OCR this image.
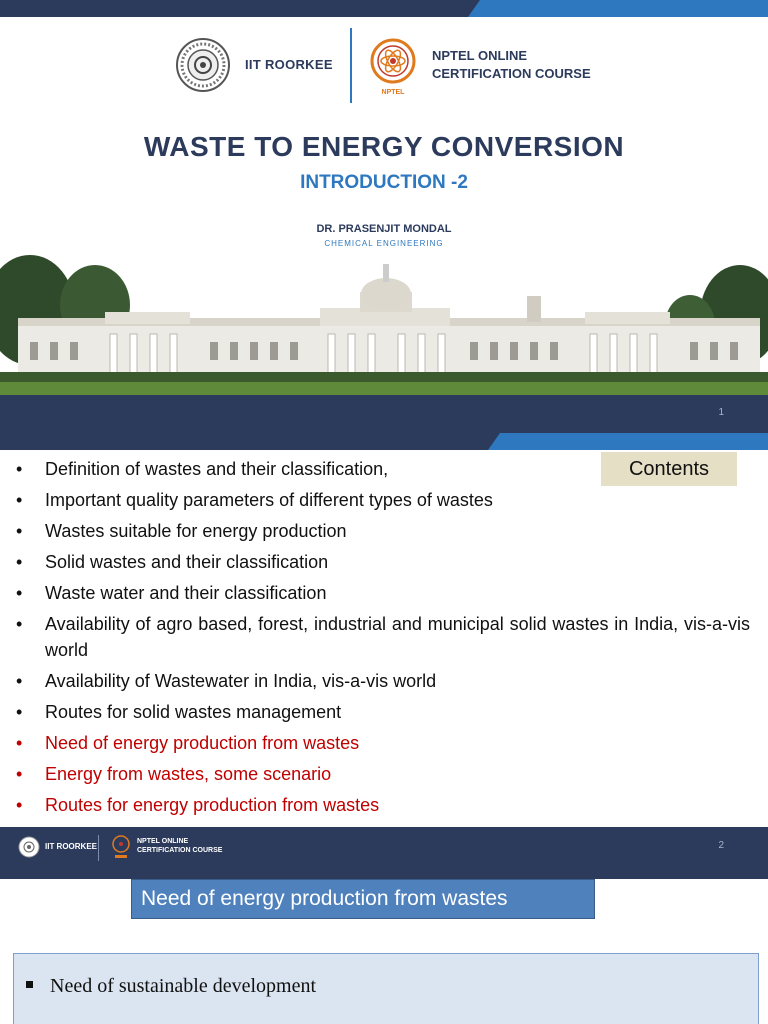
IIT ROORKEE
NPTEL
NPTEL ONLINE
CERTIFICATION COURSE
WASTE TO ENERGY CONVERSION
INTRODUCTION -2
DR. PRASENJIT MONDAL
CHEMICAL ENGINEERING
1
Contents
• Definition of wastes and their classification,
• Important quality parameters of different types of wastes
• Wastes suitable for energy production
• Solid wastes and their classification
• Waste water and their classification
• Availability of agro based, forest, industrial and municipal solid wastes in India, vis-a-vis world
• Availability of Wastewater in India, vis-a-vis world
• Routes for solid wastes management
• Need of energy production from wastes
• Energy from wastes, some scenario
• Routes for energy production from wastes
IIT ROORKEE
NPTEL ONLINE
CERTIFICATION COURSE	2
Need of energy production from wastes
Need of sustainable development
